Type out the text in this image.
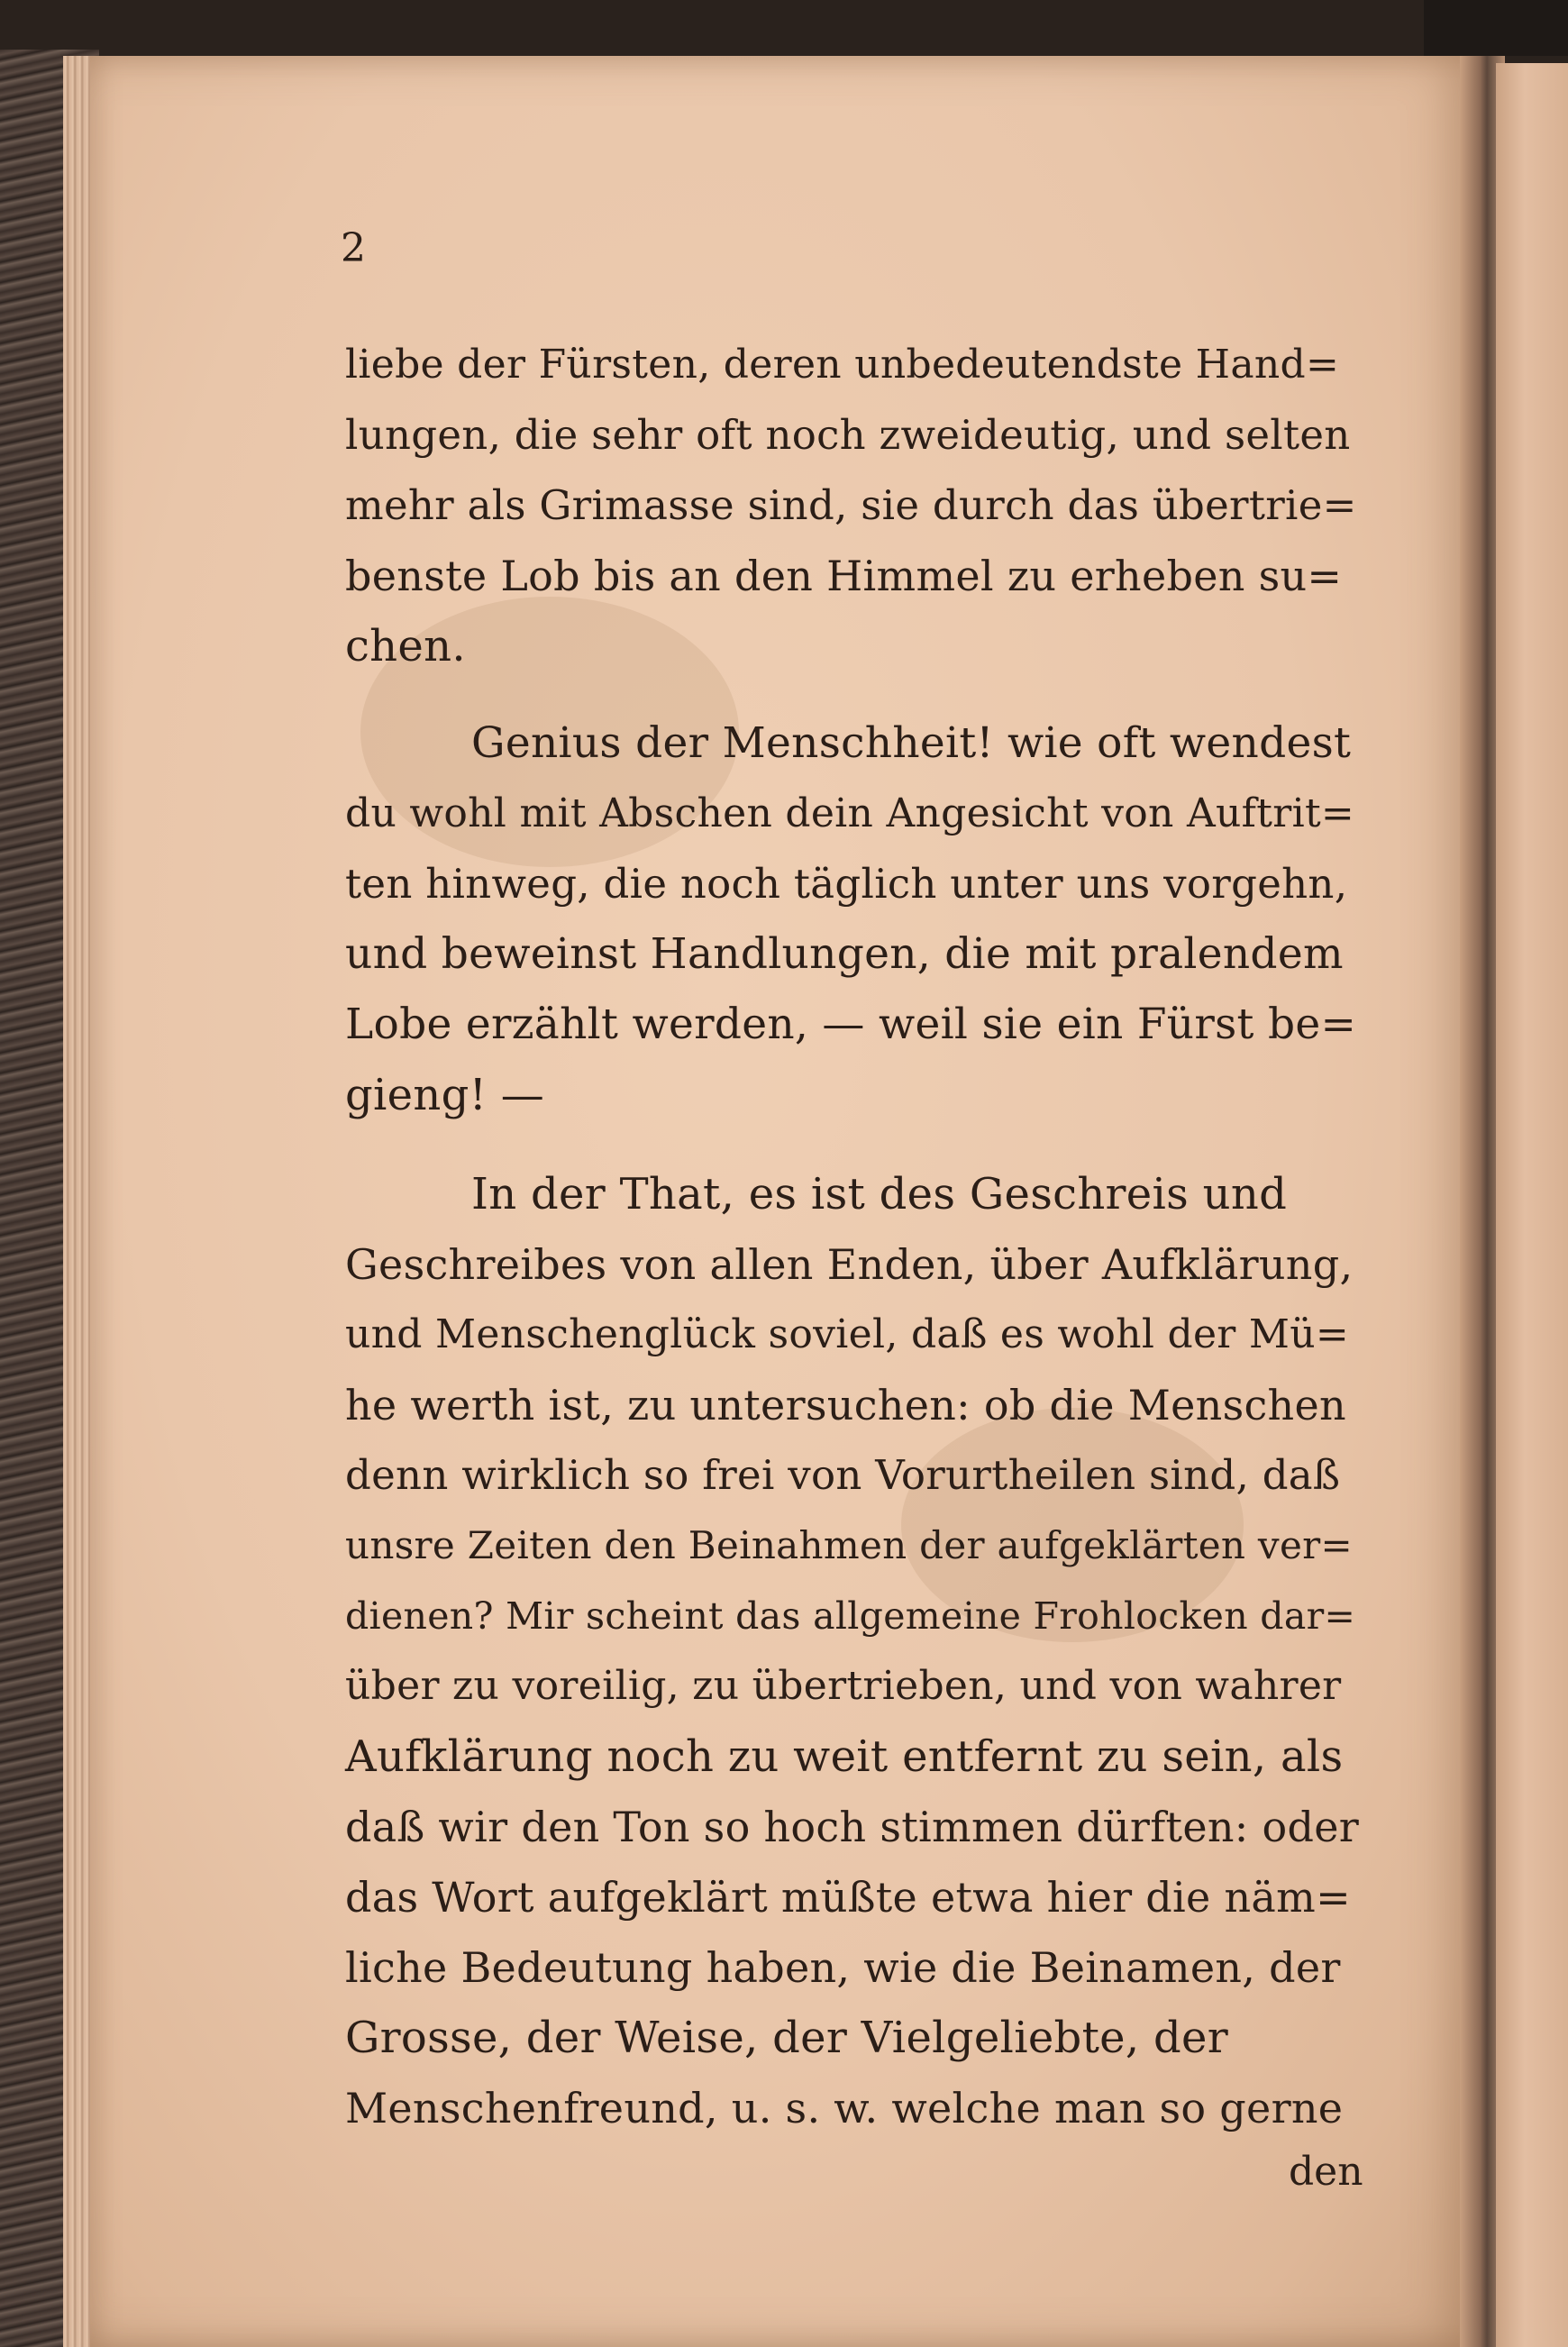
2
liebe der Fürsten, deren unbedeutendste Hand=
lungen, die sehr oft noch zweideutig, und selten
mehr als Grimasse sind, sie durch das übertrie=
benste Lob bis an den Himmel zu erheben su=
chen.
Genius der Menschheit! wie oft wendest
du wohl mit Abschen dein Angesicht von Auftrit=
ten hinweg, die noch täglich unter uns vorgehn,
und beweinst Handlungen, die mit pralendem
Lobe erzählt werden, — weil sie ein Fürst be=
gieng! —
In der That, es ist des Geschreis und
Geschreibes von allen Enden, über Aufklärung,
und Menschenglück soviel, daß es wohl der Mü=
he werth ist, zu untersuchen: ob die Menschen
denn wirklich so frei von Vorurtheilen sind, daß
unsre Zeiten den Beinahmen der aufgeklärten ver=
dienen? Mir scheint das allgemeine Frohlocken dar=
über zu voreilig, zu übertrieben, und von wahrer
Aufklärung noch zu weit entfernt zu sein, als
daß wir den Ton so hoch stimmen dürften: oder
das Wort aufgeklärt müßte etwa hier die näm=
liche Bedeutung haben, wie die Beinamen, der
Grosse, der Weise, der Vielgeliebte, der
Menschenfreund, u. s. w. welche man so gerne
den
